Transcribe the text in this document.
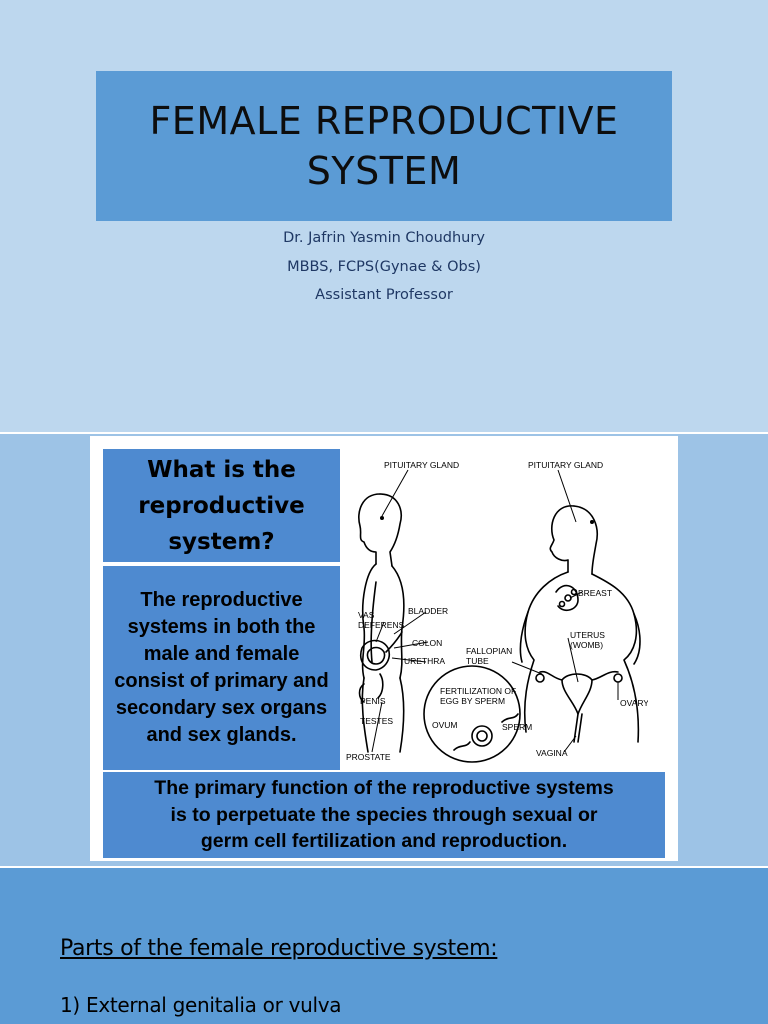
FEMALE REPRODUCTIVE
SYSTEM
Dr. Jafrin Yasmin Choudhury
MBBS, FCPS(Gynae & Obs)
Assistant Professor
What is the
reproductive
system?
The reproductive systems in both the male and female consist of primary and secondary sex organs and sex glands.
PITUITARY GLAND	PITUITARY GLAND
BLADDER
VAS
DEFERENS
COLON
URETHRA
PENIS
TESTES
PROSTATE
BREAST
UTERUS
(WOMB)
FALLOPIAN
TUBE
OVARY
VAGINA
FERTILIZATION OF
EGG BY SPERM
OVUM	SPERM
The primary function of the reproductive systems
is to perpetuate the species through sexual or
germ cell fertilization and reproduction.
Parts of the female reproductive system:
1) External genitalia or vulva
